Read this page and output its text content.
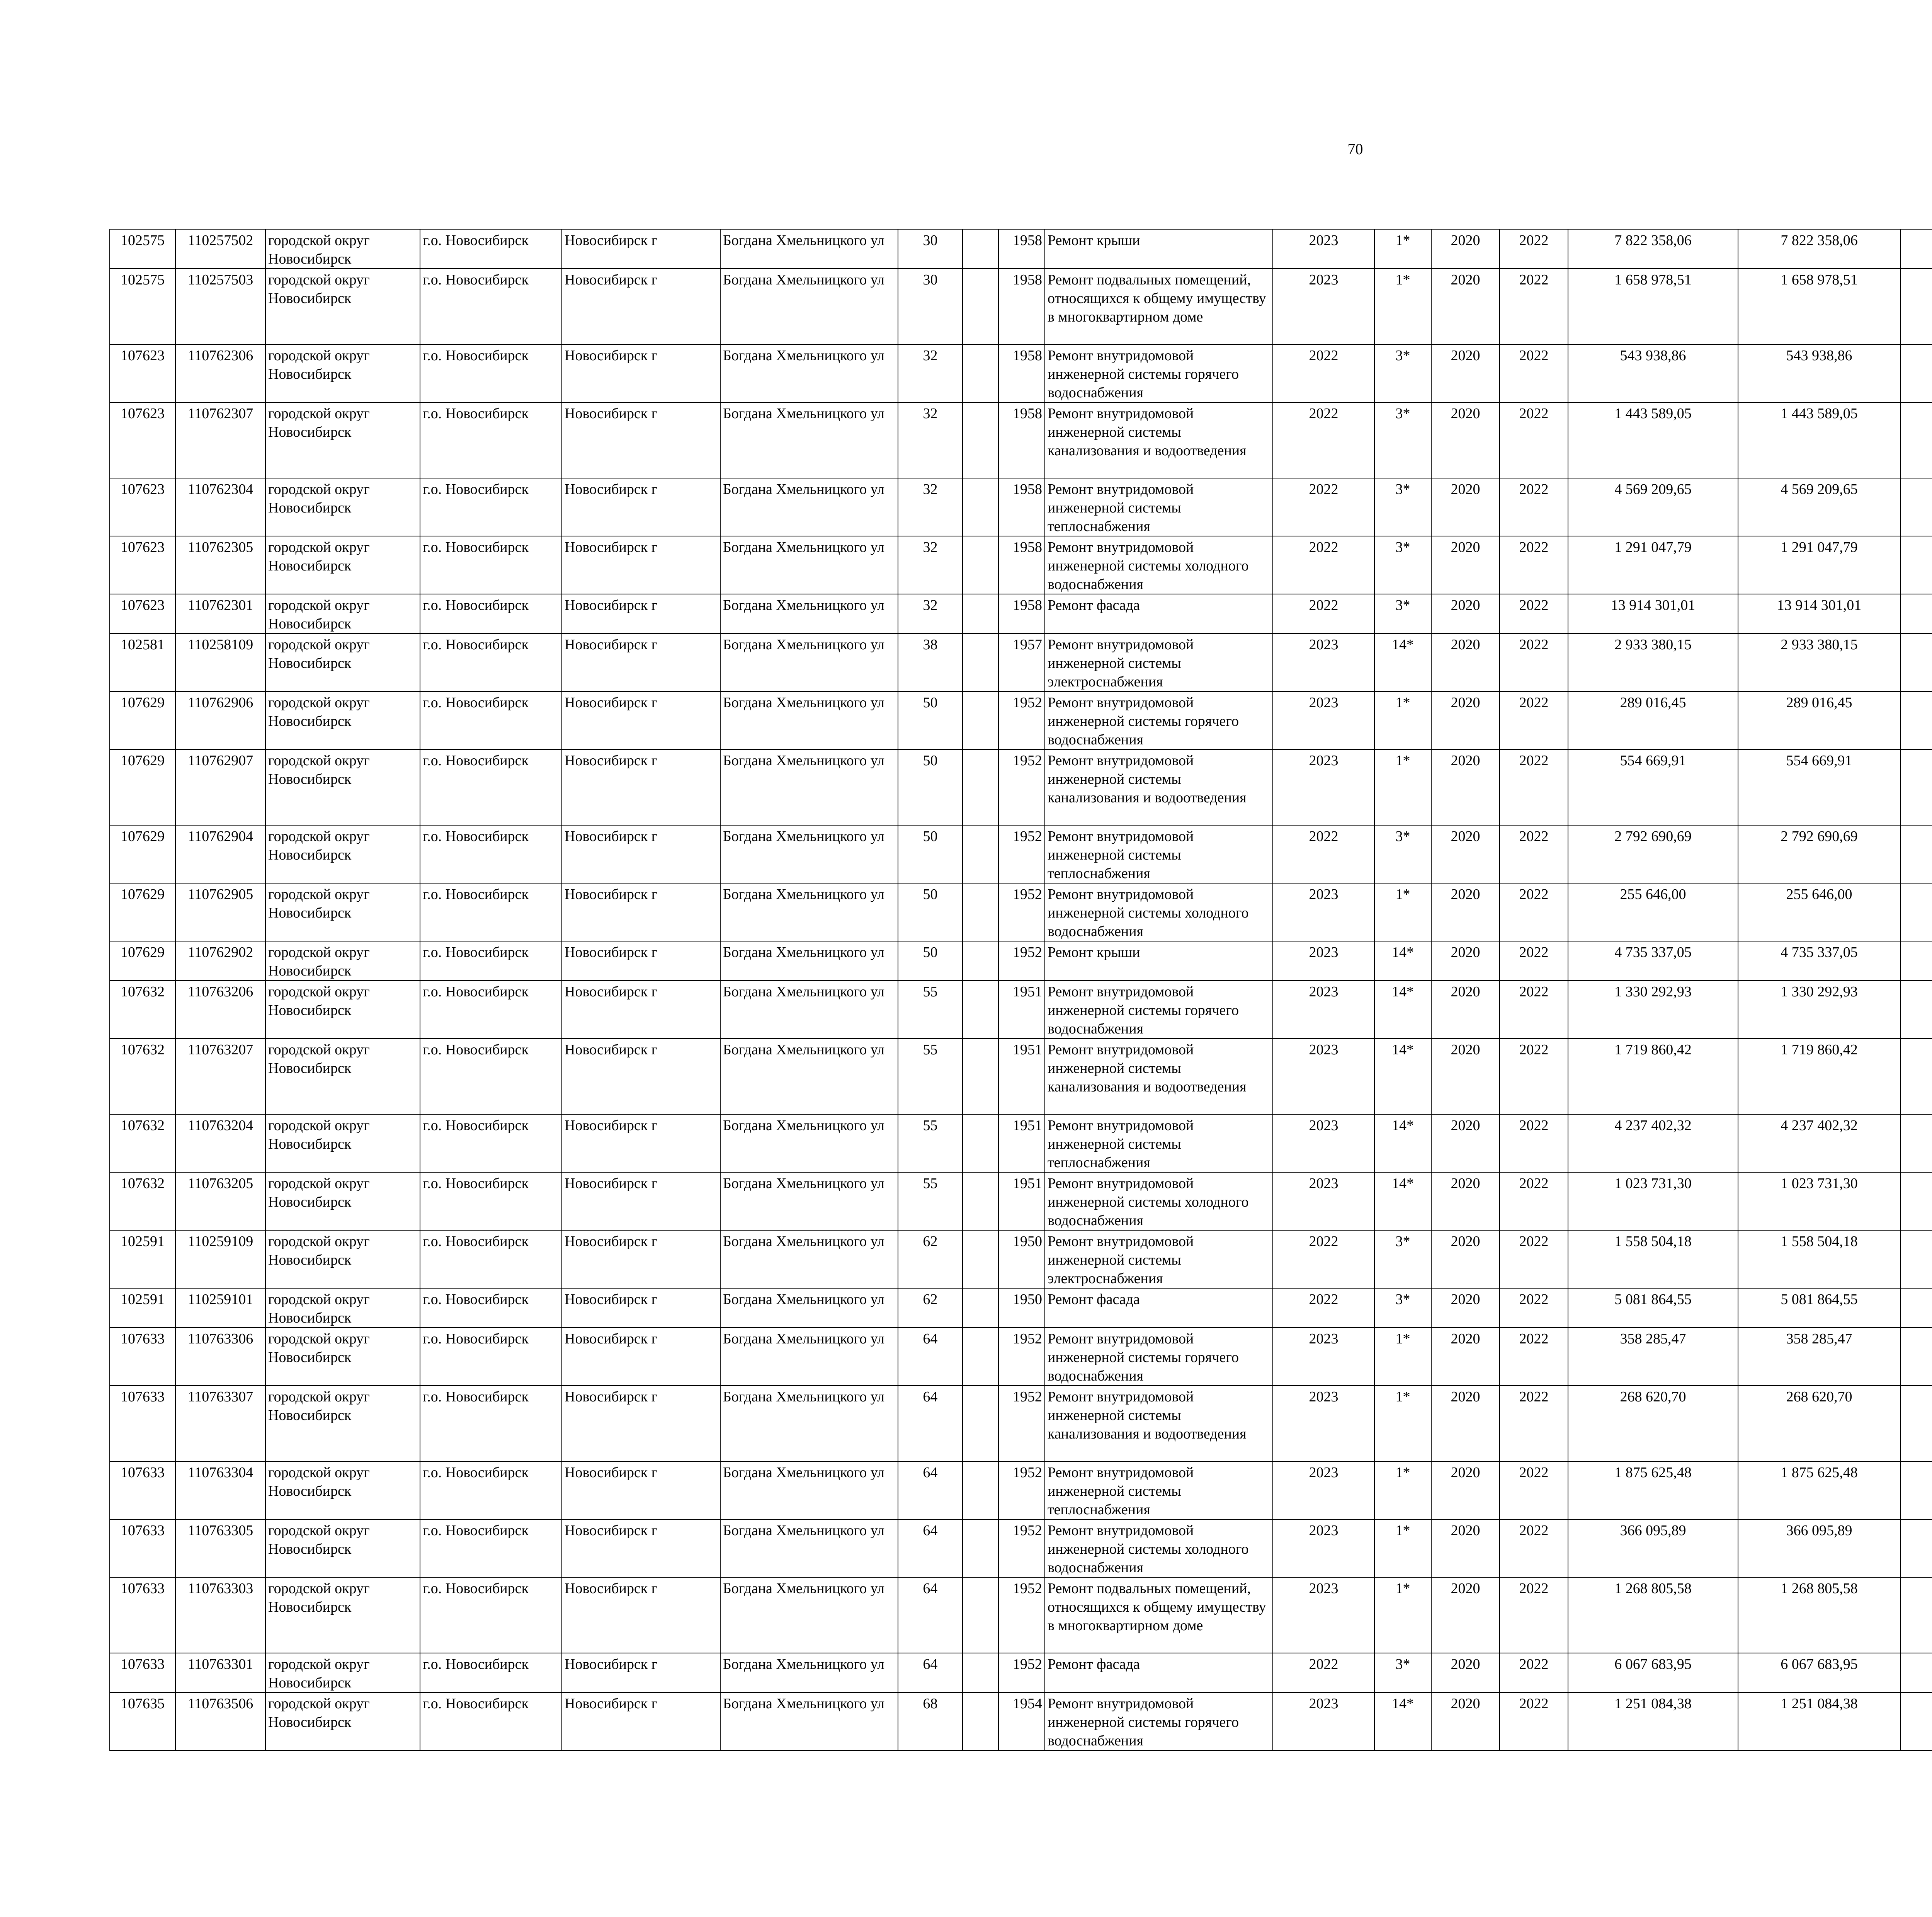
70
102575	110257502	городской округ Новосибирск	г.о. Новосибирск	Новосибирск г	Богдана Хмельницкого ул	30		1958	Ремонт крыши	2023	1*	2020	2022	7 822 358,06	7 822 358,06						
102575	110257503	городской округ Новосибирск	г.о. Новосибирск	Новосибирск г	Богдана Хмельницкого ул	30		1958	Ремонт подвальных помещений, относящихся к общему имуществу в многоквартирном доме	2023	1*	2020	2022	1 658 978,51	1 658 978,51						
107623	110762306	городской округ Новосибирск	г.о. Новосибирск	Новосибирск г	Богдана Хмельницкого ул	32		1958	Ремонт внутридомовой инженерной системы горячего водоснабжения	2022	3*	2020	2022	543 938,86	543 938,86						
107623	110762307	городской округ Новосибирск	г.о. Новосибирск	Новосибирск г	Богдана Хмельницкого ул	32		1958	Ремонт внутридомовой инженерной системы канализования и водоотведения	2022	3*	2020	2022	1 443 589,05	1 443 589,05						
107623	110762304	городской округ Новосибирск	г.о. Новосибирск	Новосибирск г	Богдана Хмельницкого ул	32		1958	Ремонт внутридомовой инженерной системы теплоснабжения	2022	3*	2020	2022	4 569 209,65	4 569 209,65						
107623	110762305	городской округ Новосибирск	г.о. Новосибирск	Новосибирск г	Богдана Хмельницкого ул	32		1958	Ремонт внутридомовой инженерной системы холодного водоснабжения	2022	3*	2020	2022	1 291 047,79	1 291 047,79						
107623	110762301	городской округ Новосибирск	г.о. Новосибирск	Новосибирск г	Богдана Хмельницкого ул	32		1958	Ремонт фасада	2022	3*	2020	2022	13 914 301,01	13 914 301,01						
102581	110258109	городской округ Новосибирск	г.о. Новосибирск	Новосибирск г	Богдана Хмельницкого ул	38		1957	Ремонт внутридомовой инженерной системы электроснабжения	2023	14*	2020	2022	2 933 380,15	2 933 380,15						
107629	110762906	городской округ Новосибирск	г.о. Новосибирск	Новосибирск г	Богдана Хмельницкого ул	50		1952	Ремонт внутридомовой инженерной системы горячего водоснабжения	2023	1*	2020	2022	289 016,45	289 016,45						
107629	110762907	городской округ Новосибирск	г.о. Новосибирск	Новосибирск г	Богдана Хмельницкого ул	50		1952	Ремонт внутридомовой инженерной системы канализования и водоотведения	2023	1*	2020	2022	554 669,91	554 669,91						
107629	110762904	городской округ Новосибирск	г.о. Новосибирск	Новосибирск г	Богдана Хмельницкого ул	50		1952	Ремонт внутридомовой инженерной системы теплоснабжения	2022	3*	2020	2022	2 792 690,69	2 792 690,69						
107629	110762905	городской округ Новосибирск	г.о. Новосибирск	Новосибирск г	Богдана Хмельницкого ул	50		1952	Ремонт внутридомовой инженерной системы холодного водоснабжения	2023	1*	2020	2022	255 646,00	255 646,00						
107629	110762902	городской округ Новосибирск	г.о. Новосибирск	Новосибирск г	Богдана Хмельницкого ул	50		1952	Ремонт крыши	2023	14*	2020	2022	4 735 337,05	4 735 337,05						
107632	110763206	городской округ Новосибирск	г.о. Новосибирск	Новосибирск г	Богдана Хмельницкого ул	55		1951	Ремонт внутридомовой инженерной системы горячего водоснабжения	2023	14*	2020	2022	1 330 292,93	1 330 292,93						
107632	110763207	городской округ Новосибирск	г.о. Новосибирск	Новосибирск г	Богдана Хмельницкого ул	55		1951	Ремонт внутридомовой инженерной системы канализования и водоотведения	2023	14*	2020	2022	1 719 860,42	1 719 860,42						
107632	110763204	городской округ Новосибирск	г.о. Новосибирск	Новосибирск г	Богдана Хмельницкого ул	55		1951	Ремонт внутридомовой инженерной системы теплоснабжения	2023	14*	2020	2022	4 237 402,32	4 237 402,32						
107632	110763205	городской округ Новосибирск	г.о. Новосибирск	Новосибирск г	Богдана Хмельницкого ул	55		1951	Ремонт внутридомовой инженерной системы холодного водоснабжения	2023	14*	2020	2022	1 023 731,30	1 023 731,30						
102591	110259109	городской округ Новосибирск	г.о. Новосибирск	Новосибирск г	Богдана Хмельницкого ул	62		1950	Ремонт внутридомовой инженерной системы электроснабжения	2022	3*	2020	2022	1 558 504,18	1 558 504,18						
102591	110259101	городской округ Новосибирск	г.о. Новосибирск	Новосибирск г	Богдана Хмельницкого ул	62		1950	Ремонт фасада	2022	3*	2020	2022	5 081 864,55	5 081 864,55						
107633	110763306	городской округ Новосибирск	г.о. Новосибирск	Новосибирск г	Богдана Хмельницкого ул	64		1952	Ремонт внутридомовой инженерной системы горячего водоснабжения	2023	1*	2020	2022	358 285,47	358 285,47						
107633	110763307	городской округ Новосибирск	г.о. Новосибирск	Новосибирск г	Богдана Хмельницкого ул	64		1952	Ремонт внутридомовой инженерной системы канализования и водоотведения	2023	1*	2020	2022	268 620,70	268 620,70						
107633	110763304	городской округ Новосибирск	г.о. Новосибирск	Новосибирск г	Богдана Хмельницкого ул	64		1952	Ремонт внутридомовой инженерной системы теплоснабжения	2023	1*	2020	2022	1 875 625,48	1 875 625,48						
107633	110763305	городской округ Новосибирск	г.о. Новосибирск	Новосибирск г	Богдана Хмельницкого ул	64		1952	Ремонт внутридомовой инженерной системы холодного водоснабжения	2023	1*	2020	2022	366 095,89	366 095,89						
107633	110763303	городской округ Новосибирск	г.о. Новосибирск	Новосибирск г	Богдана Хмельницкого ул	64		1952	Ремонт подвальных помещений, относящихся к общему имуществу в многоквартирном доме	2023	1*	2020	2022	1 268 805,58	1 268 805,58						
107633	110763301	городской округ Новосибирск	г.о. Новосибирск	Новосибирск г	Богдана Хмельницкого ул	64		1952	Ремонт фасада	2022	3*	2020	2022	6 067 683,95	6 067 683,95						
107635	110763506	городской округ Новосибирск	г.о. Новосибирск	Новосибирск г	Богдана Хмельницкого ул	68		1954	Ремонт внутридомовой инженерной системы горячего водоснабжения	2023	14*	2020	2022	1 251 084,38	1 251 084,38						
